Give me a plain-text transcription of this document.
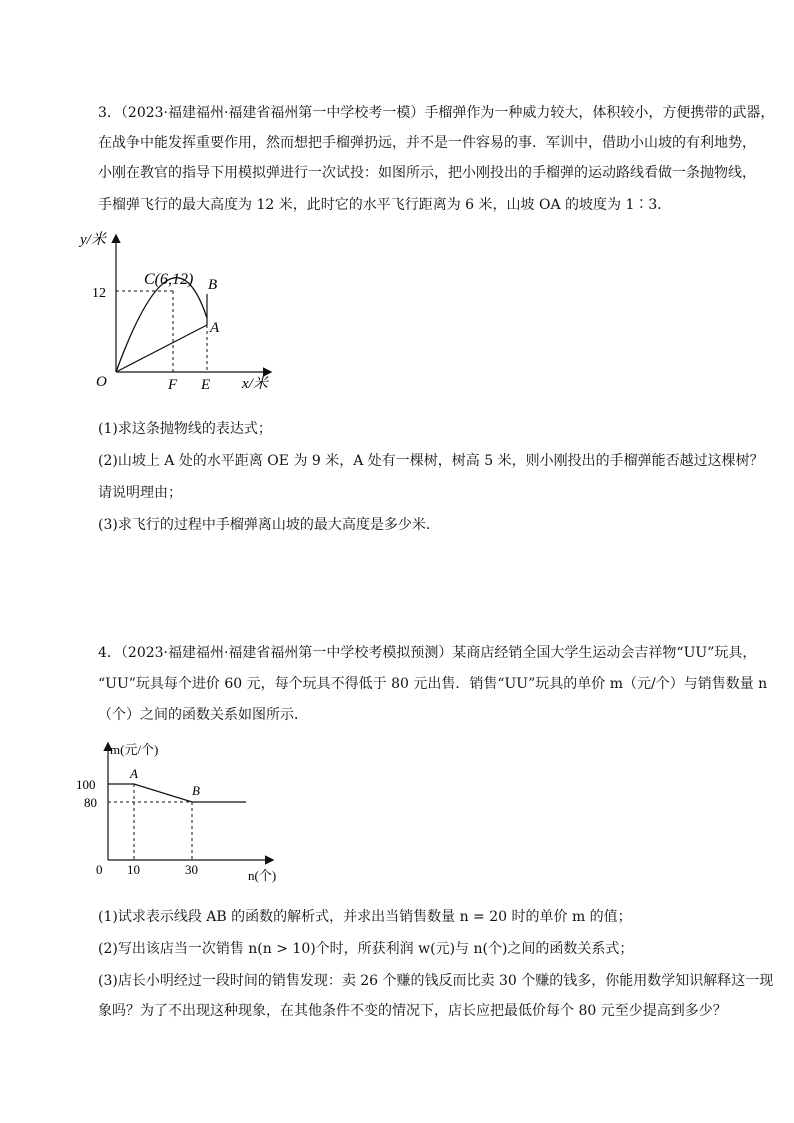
3．（2023·福建福州·福建省福州第一中学校考一模）手榴弹作为一种威力较大，体积较小，方便携带的武器，
在战争中能发挥重要作用，然而想把手榴弹扔远，并不是一件容易的事．军训中，借助小山坡的有利地势，
小刚在教官的指导下用模拟弹进行一次试投：如图所示，把小刚投出的手榴弹的运动路线看做一条抛物线，
手榴弹飞行的最大高度为 12 米，此时它的水平飞行距离为 6 米，山坡 OA 的坡度为 1∶3．
y/米
x/米
12
O	F E
A
B
C(6,12)
(1)求这条抛物线的表达式；
(2)山坡上 A 处的水平距离 OE 为 9 米，A 处有一棵树，树高 5 米，则小刚投出的手榴弹能否越过这棵树？
请说明理由；
(3)求飞行的过程中手榴弹离山坡的最大高度是多少米．
4．（2023·福建福州·福建省福州第一中学校考模拟预测）某商店经销全国大学生运动会吉祥物“UU”玩具，
“UU”玩具每个进价 60 元，每个玩具不得低于 80 元出售．销售“UU”玩具的单价 m（元/个）与销售数量 n
（个）之间的函数关系如图所示．
m(元/个)
n(个)
100
80
0 10	30
A
B
(1)试求表示线段 AB 的函数的解析式，并求出当销售数量 n = 20 时的单价 m 的值；
(2)写出该店当一次销售 n(n > 10)个时，所获利润 w(元)与 n(个)之间的函数关系式；
(3)店长小明经过一段时间的销售发现：卖 26 个赚的钱反而比卖 30 个赚的钱多，你能用数学知识解释这一现
象吗？为了不出现这种现象，在其他条件不变的情况下，店长应把最低价每个 80 元至少提高到多少？
